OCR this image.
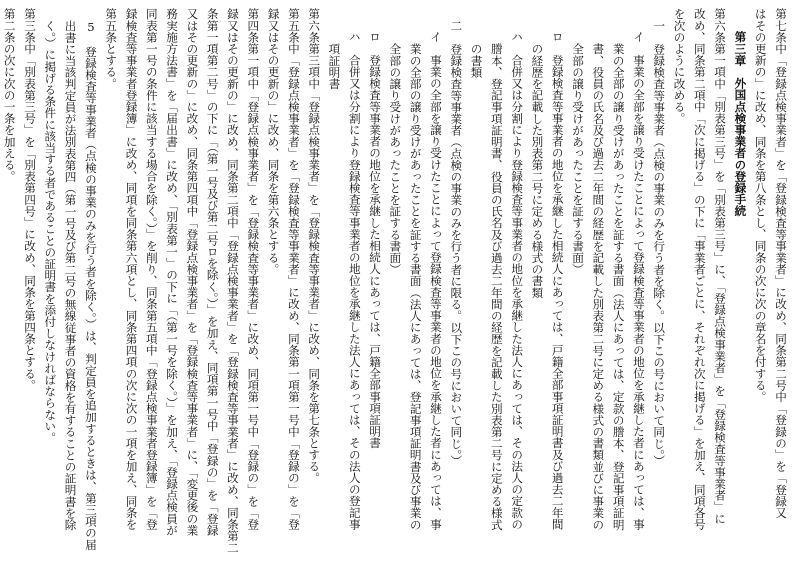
第七条中「登録点検事業者」を「登録検査等事業者」に改め、同条第二号中「登録の」を「登録又
はその更新の」に改め、同条を第八条とし、同条の次に次の章名を付する。
第三章　外国点検事業者の登録手続
第六条第一項中「別表第三号」を「別表第三号」に、「登録点検事業者」を「登録検査等事業者」に
改め、同条第二項中「次に掲げる」の下に「事業者ごとに、それぞれ次に掲げる」を加え、同項各号
を次のように改める。
一　登録検査等事業者（点検の事業のみを行う者を除く。以下この号において同じ。）
イ　事業の全部を譲り受けたことによって登録検査等事業者の地位を承継した者にあっては、事
業の全部の譲り受けがあったことを証する書面（法人にあっては、定款の謄本、登記事項証明
書、役員の氏名及び過去二年間の経歴を記載した別表第二号に定める様式の書類並びに事業の
全部の譲り受けがあったことを証する書面）
ロ　登録検査等事業者の地位を承継した相続人にあっては、戸籍全部事項証明書及び過去二年間
の経歴を記載した別表第二号に定める様式の書類
ハ　合併又は分割により登録検査等事業者の地位を承継した法人にあっては、その法人の定款の
謄本、登記事項証明書、役員の氏名及び過去二年間の経歴を記載した別表第二号に定める様式
の書類
二　登録検査等事業者（点検の事業のみを行う者に限る。以下この号において同じ。）
イ　事業の全部を譲り受けたことによって登録検査等事業者の地位を承継した者にあっては、事
業の全部の譲り受けがあったことを証する書面（法人にあっては、登記事項証明書及び事業の
全部の譲り受けがあったことを証する書面）
ロ　登録検査等事業者の地位を承継した相続人にあっては、戸籍全部事項証明書
ハ　合併又は分割により登録検査等事業者の地位を承継した法人にあっては、その法人の登記事
項証明書
第六条第三項中「登録点検事業者」を「登録検査等事業者」に改め、同条を第七条とする。
第五条中「登録点検事業者」を「登録検査等事業者」に改め、同条第一項第一号中「登録の」を「登
録又はその更新の」に改め、同条を第六条とする。
第四条第一項中「登録点検事業者」を「登録検査等事業者」に改め、同項第一号中「登録の」を「登
録又はその更新の」に改め、同条第二項中「登録点検事業者」を「登録検査等事業者」に改め、同条第二
条第一項第二号」の下に「（第一号及び第二号ロを除く。）」を加え、同項第一号中「登録の」を「登録
又はその更新の」に改め、同条第四項中「登録点検事業者」を「登録検査等事業者」に、「変更後の業
務実施方法書」を「届出書」に改め、「別表第一」の下に「（第一号を除く。）」を加え、「登録点検員が
同表第一号の条件に該当する場合を除く。）」を削り、同条第五項中「登録点検事業者登録簿」を「登
録検査等事業者登録簿」に改め、同項を同条第六項とし、同条第四項の次に次の一項を加え、同条を
第五条とする。
5　登録検査等事業者（点検の事業のみを行う者を除く。）は、判定員を追加するときは、第三項の届
出書に当該判定員が法別表第四（第一号及び第二号の無線従事者の資格を有することの証明書を除
く。）に掲げる条件に該当する者であることの証明書を添付しなければならない。
第三条中「別表第三号」を「別表第四号」に改め、同条を第四条とする。
第二条の次に次の一条を加える。
